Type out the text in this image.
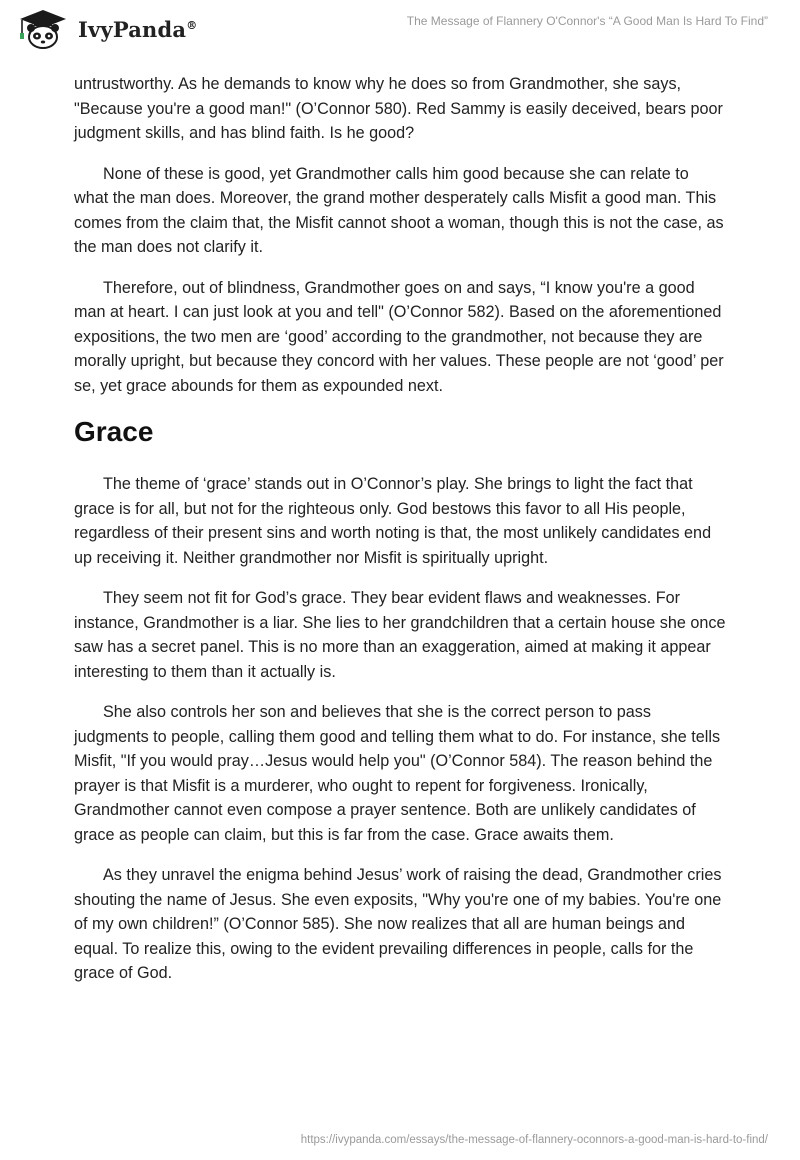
IvyPanda®	The Message of Flannery O'Connor's “A Good Man Is Hard To Find”

untrustworthy. As he demands to know why he does so from Grandmother, she says, "Because you're a good man!" (O’Connor 580). Red Sammy is easily deceived, bears poor judgment skills, and has blind faith. Is he good?

None of these is good, yet Grandmother calls him good because she can relate to what the man does. Moreover, the grand mother desperately calls Misfit a good man. This comes from the claim that, the Misfit cannot shoot a woman, though this is not the case, as the man does not clarify it.

Therefore, out of blindness, Grandmother goes on and says, “I know you're a good man at heart. I can just look at you and tell" (O’Connor 582). Based on the aforementioned expositions, the two men are ‘good’ according to the grandmother, not because they are morally upright, but because they concord with her values. These people are not ‘good’ per se, yet grace abounds for them as expounded next.

Grace

The theme of ‘grace’ stands out in O’Connor’s play. She brings to light the fact that grace is for all, but not for the righteous only. God bestows this favor to all His people, regardless of their present sins and worth noting is that, the most unlikely candidates end up receiving it. Neither grandmother nor Misfit is spiritually upright.

They seem not fit for God’s grace. They bear evident flaws and weaknesses. For instance, Grandmother is a liar. She lies to her grandchildren that a certain house she once saw has a secret panel. This is no more than an exaggeration, aimed at making it appear interesting to them than it actually is.

She also controls her son and believes that she is the correct person to pass judgments to people, calling them good and telling them what to do. For instance, she tells Misfit, "If you would pray…Jesus would help you" (O’Connor 584). The reason behind the prayer is that Misfit is a murderer, who ought to repent for forgiveness. Ironically, Grandmother cannot even compose a prayer sentence. Both are unlikely candidates of grace as people can claim, but this is far from the case. Grace awaits them.

As they unravel the enigma behind Jesus’ work of raising the dead, Grandmother cries shouting the name of Jesus. She even exposits, "Why you're one of my babies. You're one of my own children!” (O’Connor 585). She now realizes that all are human beings and equal. To realize this, owing to the evident prevailing differences in people, calls for the grace of God.

https://ivypanda.com/essays/the-message-of-flannery-oconnors-a-good-man-is-hard-to-find/
